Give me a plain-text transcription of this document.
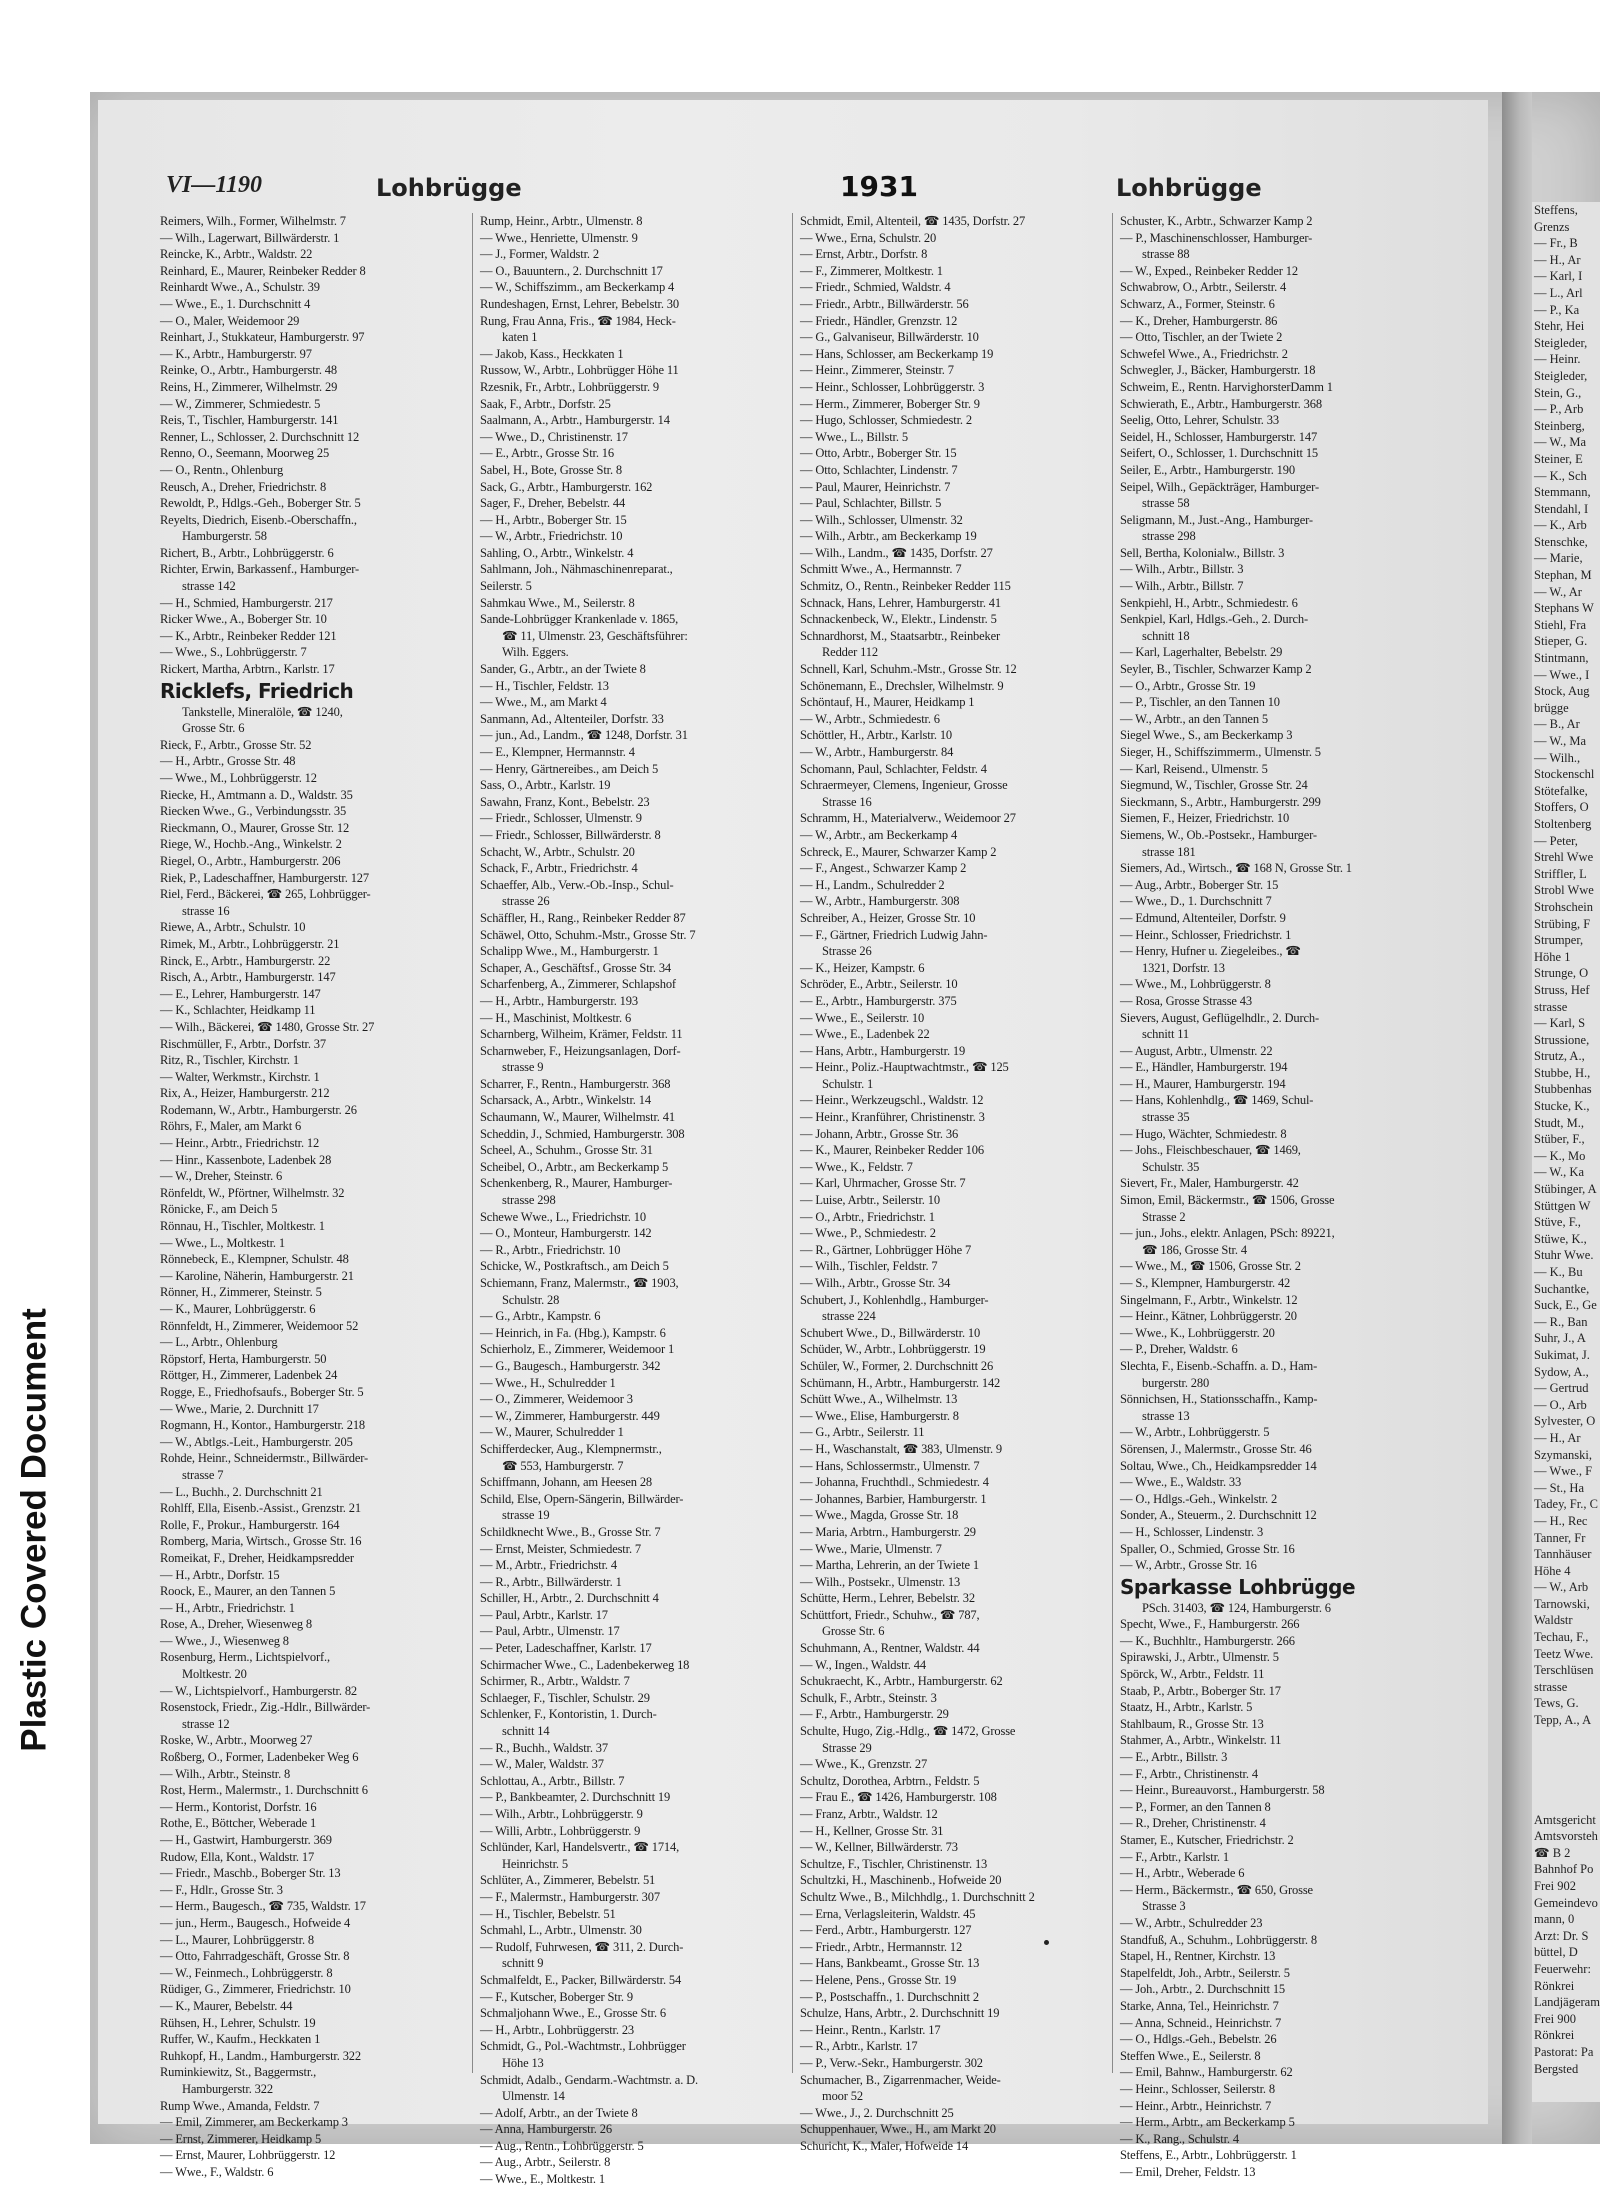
Plastic Covered Document
VI—1190	Lohbrügge	1931	Lohbrügge
Reimers, Wilh., Former, Wilhelmstr. 7
— Wilh., Lagerwart, Billwärderstr. 1
Reincke, K., Arbtr., Waldstr. 22
Reinhard, E., Maurer, Reinbeker Redder 8
Reinhardt Wwe., A., Schulstr. 39
— Wwe., E., 1. Durchschnitt 4
— O., Maler, Weidemoor 29
Reinhart, J., Stukkateur, Hamburgerstr. 97
— K., Arbtr., Hamburgerstr. 97
Reinke, O., Arbtr., Hamburgerstr. 48
Reins, H., Zimmerer, Wilhelmstr. 29
— W., Zimmerer, Schmiedestr. 5
Reis, T., Tischler, Hamburgerstr. 141
Renner, L., Schlosser, 2. Durchschnitt 12
Renno, O., Seemann, Moorweg 25
— O., Rentn., Ohlenburg
Reusch, A., Dreher, Friedrichstr. 8
Rewoldt, P., Hdlgs.-Geh., Boberger Str. 5
Reyelts, Diedrich, Eisenb.-Oberschaffn.,
Hamburgerstr. 58
Richert, B., Arbtr., Lohbrüggerstr. 6
Richter, Erwin, Barkassenf., Hamburger-
strasse 142
— H., Schmied, Hamburgerstr. 217
Ricker Wwe., A., Boberger Str. 10
— K., Arbtr., Reinbeker Redder 121
— Wwe., S., Lohbrüggerstr. 7
Rickert, Martha, Arbtrn., Karlstr. 17
Ricklefs, Friedrich
Tankstelle, Mineralöle, ☎ 1240,
Grosse Str. 6
Rieck, F., Arbtr., Grosse Str. 52
— H., Arbtr., Grosse Str. 48
— Wwe., M., Lohbrüggerstr. 12
Riecke, H., Amtmann a. D., Waldstr. 35
Riecken Wwe., G., Verbindungsstr. 35
Rieckmann, O., Maurer, Grosse Str. 12
Riege, W., Hochb.-Ang., Winkelstr. 2
Riegel, O., Arbtr., Hamburgerstr. 206
Riek, P., Ladeschaffner, Hamburgerstr. 127
Riel, Ferd., Bäckerei, ☎ 265, Lohbrügger-
strasse 16
Riewe, A., Arbtr., Schulstr. 10
Rimek, M., Arbtr., Lohbrüggerstr. 21
Rinck, E., Arbtr., Hamburgerstr. 22
Risch, A., Arbtr., Hamburgerstr. 147
— E., Lehrer, Hamburgerstr. 147
— K., Schlachter, Heidkamp 11
— Wilh., Bäckerei, ☎ 1480, Grosse Str. 27
Rischmüller, F., Arbtr., Dorfstr. 37
Ritz, R., Tischler, Kirchstr. 1
— Walter, Werkmstr., Kirchstr. 1
Rix, A., Heizer, Hamburgerstr. 212
Rodemann, W., Arbtr., Hamburgerstr. 26
Röhrs, F., Maler, am Markt 6
— Heinr., Arbtr., Friedrichstr. 12
— Hinr., Kassenbote, Ladenbek 28
— W., Dreher, Steinstr. 6
Rönfeldt, W., Pförtner, Wilhelmstr. 32
Rönicke, F., am Deich 5
Rönnau, H., Tischler, Moltkestr. 1
— Wwe., L., Moltkestr. 1
Rönnebeck, E., Klempner, Schulstr. 48
— Karoline, Näherin, Hamburgerstr. 21
Rönner, H., Zimmerer, Steinstr. 5
— K., Maurer, Lohbrüggerstr. 6
Rönnfeldt, H., Zimmerer, Weidemoor 52
— L., Arbtr., Ohlenburg
Röpstorf, Herta, Hamburgerstr. 50
Röttger, H., Zimmerer, Ladenbek 24
Rogge, E., Friedhofsaufs., Boberger Str. 5
— Wwe., Marie, 2. Durchnitt 17
Rogmann, H., Kontor., Hamburgerstr. 218
— W., Abtlgs.-Leit., Hamburgerstr. 205
Rohde, Heinr., Schneidermstr., Billwärder-
strasse 7
— L., Buchh., 2. Durchschnitt 21
Rohlff, Ella, Eisenb.-Assist., Grenzstr. 21
Rolle, F., Prokur., Hamburgerstr. 164
Romberg, Maria, Wirtsch., Grosse Str. 16
Romeikat, F., Dreher, Heidkampsredder
— H., Arbtr., Dorfstr. 15
Roock, E., Maurer, an den Tannen 5
— H., Arbtr., Friedrichstr. 1
Rose, A., Dreher, Wiesenweg 8
— Wwe., J., Wiesenweg 8
Rosenburg, Herm., Lichtspielvorf.,
Moltkestr. 20
— W., Lichtspielvorf., Hamburgerstr. 82
Rosenstock, Friedr., Zig.-Hdlr., Billwärder-
strasse 12
Roske, W., Arbtr., Moorweg 27
Roßberg, O., Former, Ladenbeker Weg 6
— Wilh., Arbtr., Steinstr. 8
Rost, Herm., Malermstr., 1. Durchschnitt 6
— Herm., Kontorist, Dorfstr. 16
Rothe, E., Böttcher, Weberade 1
— H., Gastwirt, Hamburgerstr. 369
Rudow, Ella, Kont., Waldstr. 17
— Friedr., Maschb., Boberger Str. 13
— F., Hdlr., Grosse Str. 3
— Herm., Baugesch., ☎ 735, Waldstr. 17
— jun., Herm., Baugesch., Hofweide 4
— L., Maurer, Lohbrüggerstr. 8
— Otto, Fahrradgeschäft, Grosse Str. 8
— W., Feinmech., Lohbrüggerstr. 8
Rüdiger, G., Zimmerer, Friedrichstr. 10
— K., Maurer, Bebelstr. 44
Rühsen, H., Lehrer, Schulstr. 19
Ruffer, W., Kaufm., Heckkaten 1
Ruhkopf, H., Landm., Hamburgerstr. 322
Ruminkiewitz, St., Baggermstr.,
Hamburgerstr. 322
Rump Wwe., Amanda, Feldstr. 7
— Emil, Zimmerer, am Beckerkamp 3
— Ernst, Zimmerer, Heidkamp 5
— Ernst, Maurer, Lohbrüggerstr. 12
— Wwe., F., Waldstr. 6
Rump, Heinr., Arbtr., Ulmenstr. 8
— Wwe., Henriette, Ulmenstr. 9
— J., Former, Waldstr. 2
— O., Bauuntern., 2. Durchschnitt 17
— W., Schiffszimm., am Beckerkamp 4
Rundeshagen, Ernst, Lehrer, Bebelstr. 30
Rung, Frau Anna, Fris., ☎ 1984, Heck-
katen 1
— Jakob, Kass., Heckkaten 1
Russow, W., Arbtr., Lohbrügger Höhe 11
Rzesnik, Fr., Arbtr., Lohbrüggerstr. 9
Saak, F., Arbtr., Dorfstr. 25
Saalmann, A., Arbtr., Hamburgerstr. 14
— Wwe., D., Christinenstr. 17
— E., Arbtr., Grosse Str. 16
Sabel, H., Bote, Grosse Str. 8
Sack, G., Arbtr., Hamburgerstr. 162
Sager, F., Dreher, Bebelstr. 44
— H., Arbtr., Boberger Str. 15
— W., Arbtr., Friedrichstr. 10
Sahling, O., Arbtr., Winkelstr. 4
Sahlmann, Joh., Nähmaschinenreparat.,
Seilerstr. 5
Sahmkau Wwe., M., Seilerstr. 8
Sande-Lohbrügger Krankenlade v. 1865,
☎ 11, Ulmenstr. 23, Geschäftsführer:
Wilh. Eggers.
Sander, G., Arbtr., an der Twiete 8
— H., Tischler, Feldstr. 13
— Wwe., M., am Markt 4
Sanmann, Ad., Altenteiler, Dorfstr. 33
— jun., Ad., Landm., ☎ 1248, Dorfstr. 31
— E., Klempner, Hermannstr. 4
— Henry, Gärtnereibes., am Deich 5
Sass, O., Arbtr., Karlstr. 19
Sawahn, Franz, Kont., Bebelstr. 23
— Friedr., Schlosser, Ulmenstr. 9
— Friedr., Schlosser, Billwärderstr. 8
Schacht, W., Arbtr., Schulstr. 20
Schack, F., Arbtr., Friedrichstr. 4
Schaeffer, Alb., Verw.-Ob.-Insp., Schul-
strasse 26
Schäffler, H., Rang., Reinbeker Redder 87
Schäwel, Otto, Schuhm.-Mstr., Grosse Str. 7
Schalipp Wwe., M., Hamburgerstr. 1
Schaper, A., Geschäftsf., Grosse Str. 34
Scharfenberg, A., Zimmerer, Schlapshof
— H., Arbtr., Hamburgerstr. 193
— H., Maschinist, Moltkestr. 6
Scharnberg, Wilheim, Krämer, Feldstr. 11
Scharnweber, F., Heizungsanlagen, Dorf-
strasse 9
Scharrer, F., Rentn., Hamburgerstr. 368
Scharsack, A., Arbtr., Winkelstr. 14
Schaumann, W., Maurer, Wilhelmstr. 41
Scheddin, J., Schmied, Hamburgerstr. 308
Scheel, A., Schuhm., Grosse Str. 31
Scheibel, O., Arbtr., am Beckerkamp 5
Schenkenberg, R., Maurer, Hamburger-
strasse 298
Schewe Wwe., L., Friedrichstr. 10
— O., Monteur, Hamburgerstr. 142
— R., Arbtr., Friedrichstr. 10
Schicke, W., Postkraftsch., am Deich 5
Schiemann, Franz, Malermstr., ☎ 1903,
Schulstr. 28
— G., Arbtr., Kampstr. 6
— Heinrich, in Fa. (Hbg.), Kampstr. 6
Schierholz, E., Zimmerer, Weidemoor 1
— G., Baugesch., Hamburgerstr. 342
— Wwe., H., Schulredder 1
— O., Zimmerer, Weidemoor 3
— W., Zimmerer, Hamburgerstr. 449
— W., Maurer, Schulredder 1
Schifferdecker, Aug., Klempnermstr.,
☎ 553, Hamburgerstr. 7
Schiffmann, Johann, am Heesen 28
Schild, Else, Opern-Sängerin, Billwärder-
strasse 19
Schildknecht Wwe., B., Grosse Str. 7
— Ernst, Meister, Schmiedestr. 7
— M., Arbtr., Friedrichstr. 4
— R., Arbtr., Billwärderstr. 1
Schiller, H., Arbtr., 2. Durchschnitt 4
— Paul, Arbtr., Karlstr. 17
— Paul, Arbtr., Ulmenstr. 17
— Peter, Ladeschaffner, Karlstr. 17
Schirmacher Wwe., C., Ladenbekerweg 18
Schirmer, R., Arbtr., Waldstr. 7
Schlaeger, F., Tischler, Schulstr. 29
Schlenker, F., Kontoristin, 1. Durch-
schnitt 14
— R., Buchh., Waldstr. 37
— W., Maler, Waldstr. 37
Schlottau, A., Arbtr., Billstr. 7
— P., Bankbeamter, 2. Durchschnitt 19
— Wilh., Arbtr., Lohbrüggerstr. 9
— Willi, Arbtr., Lohbrüggerstr. 9
Schlünder, Karl, Handelsvertr., ☎ 1714,
Heinrichstr. 5
Schlüter, A., Zimmerer, Bebelstr. 51
— F., Malermstr., Hamburgerstr. 307
— H., Tischler, Bebelstr. 51
Schmahl, L., Arbtr., Ulmenstr. 30
— Rudolf, Fuhrwesen, ☎ 311, 2. Durch-
schnitt 9
Schmalfeldt, E., Packer, Billwärderstr. 54
— F., Kutscher, Boberger Str. 9
Schmaljohann Wwe., E., Grosse Str. 6
— H., Arbtr., Lohbrüggerstr. 23
Schmidt, G., Pol.-Wachtmstr., Lohbrügger
Höhe 13
Schmidt, Adalb., Gendarm.-Wachtmstr. a. D.
Ulmenstr. 14
— Adolf, Arbtr., an der Twiete 8
— Anna, Hamburgerstr. 26
— Aug., Rentn., Lohbrüggerstr. 5
— Aug., Arbtr., Seilerstr. 8
— Wwe., E., Moltkestr. 1
Schmidt, Emil, Altenteil, ☎ 1435, Dorfstr. 27
— Wwe., Erna, Schulstr. 20
— Ernst, Arbtr., Dorfstr. 8
— F., Zimmerer, Moltkestr. 1
— Friedr., Schmied, Waldstr. 4
— Friedr., Arbtr., Billwärderstr. 56
— Friedr., Händler, Grenzstr. 12
— G., Galvaniseur, Billwärderstr. 10
— Hans, Schlosser, am Beckerkamp 19
— Heinr., Zimmerer, Steinstr. 7
— Heinr., Schlosser, Lohbrüggerstr. 3
— Herm., Zimmerer, Boberger Str. 9
— Hugo, Schlosser, Schmiedestr. 2
— Wwe., L., Billstr. 5
— Otto, Arbtr., Boberger Str. 15
— Otto, Schlachter, Lindenstr. 7
— Paul, Maurer, Heinrichstr. 7
— Paul, Schlachter, Billstr. 5
— Wilh., Schlosser, Ulmenstr. 32
— Wilh., Arbtr., am Beckerkamp 19
— Wilh., Landm., ☎ 1435, Dorfstr. 27
Schmitt Wwe., A., Hermannstr. 7
Schmitz, O., Rentn., Reinbeker Redder 115
Schnack, Hans, Lehrer, Hamburgerstr. 41
Schnackenbeck, W., Elektr., Lindenstr. 5
Schnardhorst, M., Staatsarbtr., Reinbeker
Redder 112
Schnell, Karl, Schuhm.-Mstr., Grosse Str. 12
Schönemann, E., Drechsler, Wilhelmstr. 9
Schöntauf, H., Maurer, Heidkamp 1
— W., Arbtr., Schmiedestr. 6
Schöttler, H., Arbtr., Karlstr. 10
— W., Arbtr., Hamburgerstr. 84
Schomann, Paul, Schlachter, Feldstr. 4
Schraermeyer, Clemens, Ingenieur, Grosse
Strasse 16
Schramm, H., Materialverw., Weidemoor 27
— W., Arbtr., am Beckerkamp 4
Schreck, E., Maurer, Schwarzer Kamp 2
— F., Angest., Schwarzer Kamp 2
— H., Landm., Schulredder 2
— W., Arbtr., Hamburgerstr. 308
Schreiber, A., Heizer, Grosse Str. 10
— F., Gärtner, Friedrich Ludwig Jahn-
Strasse 26
— K., Heizer, Kampstr. 6
Schröder, E., Arbtr., Seilerstr. 10
— E., Arbtr., Hamburgerstr. 375
— Wwe., E., Seilerstr. 10
— Wwe., E., Ladenbek 22
— Hans, Arbtr., Hamburgerstr. 19
— Heinr., Poliz.-Hauptwachtmstr., ☎ 125
Schulstr. 1
— Heinr., Werkzeugschl., Waldstr. 12
— Heinr., Kranführer, Christinenstr. 3
— Johann, Arbtr., Grosse Str. 36
— K., Maurer, Reinbeker Redder 106
— Wwe., K., Feldstr. 7
— Karl, Uhrmacher, Grosse Str. 7
— Luise, Arbtr., Seilerstr. 10
— O., Arbtr., Friedrichstr. 1
— Wwe., P., Schmiedestr. 2
— R., Gärtner, Lohbrügger Höhe 7
— Wilh., Tischler, Feldstr. 7
— Wilh., Arbtr., Grosse Str. 34
Schubert, J., Kohlenhdlg., Hamburger-
strasse 224
Schubert Wwe., D., Billwärderstr. 10
Schüder, W., Arbtr., Lohbrüggerstr. 19
Schüler, W., Former, 2. Durchschnitt 26
Schümann, H., Arbtr., Hamburgerstr. 142
Schütt Wwe., A., Wilhelmstr. 13
— Wwe., Elise, Hamburgerstr. 8
— G., Arbtr., Seilerstr. 11
— H., Waschanstalt, ☎ 383, Ulmenstr. 9
— Hans, Schlossermstr., Ulmenstr. 7
— Johanna, Fruchthdl., Schmiedestr. 4
— Johannes, Barbier, Hamburgerstr. 1
— Wwe., Magda, Grosse Str. 18
— Maria, Arbtrn., Hamburgerstr. 29
— Wwe., Marie, Ulmenstr. 7
— Martha, Lehrerin, an der Twiete 1
— Wilh., Postsekr., Ulmenstr. 13
Schütte, Herm., Lehrer, Bebelstr. 32
Schüttfort, Friedr., Schuhw., ☎ 787,
Grosse Str. 6
Schuhmann, A., Rentner, Waldstr. 44
— W., Ingen., Waldstr. 44
Schukraecht, K., Arbtr., Hamburgerstr. 62
Schulk, F., Arbtr., Steinstr. 3
— F., Arbtr., Hamburgerstr. 29
Schulte, Hugo, Zig.-Hdlg., ☎ 1472, Grosse
Strasse 29
— Wwe., K., Grenzstr. 27
Schultz, Dorothea, Arbtrn., Feldstr. 5
— Frau E., ☎ 1426, Hamburgerstr. 108
— Franz, Arbtr., Waldstr. 12
— H., Kellner, Grosse Str. 31
— W., Kellner, Billwärderstr. 73
Schultze, F., Tischler, Christinenstr. 13
Schultzki, H., Maschinenb., Hofweide 20
Schultz Wwe., B., Milchhdlg., 1. Durchschnitt 2
— Erna, Verlagsleiterin, Waldstr. 45
— Ferd., Arbtr., Hamburgerstr. 127
— Friedr., Arbtr., Hermannstr. 12
— Hans, Bankbeamt., Grosse Str. 13
— Helene, Pens., Grosse Str. 19
— P., Postschaffn., 1. Durchschnitt 2
Schulze, Hans, Arbtr., 2. Durchschnitt 19
— Heinr., Rentn., Karlstr. 17
— R., Arbtr., Karlstr. 17
— P., Verw.-Sekr., Hamburgerstr. 302
Schumacher, B., Zigarrenmacher, Weide-
moor 52
— Wwe., J., 2. Durchschnitt 25
Schuppenhauer, Wwe., H., am Markt 20
Schuricht, K., Maler, Hofweide 14
Schuster, K., Arbtr., Schwarzer Kamp 2
— P., Maschinenschlosser, Hamburger-
strasse 88
— W., Exped., Reinbeker Redder 12
Schwabrow, O., Arbtr., Seilerstr. 4
Schwarz, A., Former, Steinstr. 6
— K., Dreher, Hamburgerstr. 86
— Otto, Tischler, an der Twiete 2
Schwefel Wwe., A., Friedrichstr. 2
Schwegler, J., Bäcker, Hamburgerstr. 18
Schweim, E., Rentn. HarvighorsterDamm 1
Schwierath, E., Arbtr., Hamburgerstr. 368
Seelig, Otto, Lehrer, Schulstr. 33
Seidel, H., Schlosser, Hamburgerstr. 147
Seifert, O., Schlosser, 1. Durchschnitt 15
Seiler, E., Arbtr., Hamburgerstr. 190
Seipel, Wilh., Gepäckträger, Hamburger-
strasse 58
Seligmann, M., Just.-Ang., Hamburger-
strasse 298
Sell, Bertha, Kolonialw., Billstr. 3
— Wilh., Arbtr., Billstr. 3
— Wilh., Arbtr., Billstr. 7
Senkpiehl, H., Arbtr., Schmiedestr. 6
Senkpiel, Karl, Hdlgs.-Geh., 2. Durch-
schnitt 18
— Karl, Lagerhalter, Bebelstr. 29
Seyler, B., Tischler, Schwarzer Kamp 2
— O., Arbtr., Grosse Str. 19
— P., Tischler, an den Tannen 10
— W., Arbtr., an den Tannen 5
Siegel Wwe., S., am Beckerkamp 3
Sieger, H., Schiffszimmerm., Ulmenstr. 5
— Karl, Reisend., Ulmenstr. 5
Siegmund, W., Tischler, Grosse Str. 24
Sieckmann, S., Arbtr., Hamburgerstr. 299
Siemen, F., Heizer, Friedrichstr. 10
Siemens, W., Ob.-Postsekr., Hamburger-
strasse 181
Siemers, Ad., Wirtsch., ☎ 168 N, Grosse Str. 1
— Aug., Arbtr., Boberger Str. 15
— Wwe., D., 1. Durchschnitt 7
— Edmund, Altenteiler, Dorfstr. 9
— Heinr., Schlosser, Friedrichstr. 1
— Henry, Hufner u. Ziegeleibes., ☎
1321, Dorfstr. 13
— Wwe., M., Lohbrüggerstr. 8
— Rosa, Grosse Strasse 43
Sievers, August, Geflügelhdlr., 2. Durch-
schnitt 11
— August, Arbtr., Ulmenstr. 22
— E., Händler, Hamburgerstr. 194
— H., Maurer, Hamburgerstr. 194
— Hans, Kohlenhdlg., ☎ 1469, Schul-
strasse 35
— Hugo, Wächter, Schmiedestr. 8
— Johs., Fleischbeschauer, ☎ 1469,
Schulstr. 35
Sievert, Fr., Maler, Hamburgerstr. 42
Simon, Emil, Bäckermstr., ☎ 1506, Grosse
Strasse 2
— jun., Johs., elektr. Anlagen, PSch: 89221,
☎ 186, Grosse Str. 4
— Wwe., M., ☎ 1506, Grosse Str. 2
— S., Klempner, Hamburgerstr. 42
Singelmann, F., Arbtr., Winkelstr. 12
— Heinr., Kätner, Lohbrüggerstr. 20
— Wwe., K., Lohbrüggerstr. 20
— P., Dreher, Waldstr. 6
Slechta, F., Eisenb.-Schaffn. a. D., Ham-
burgerstr. 280
Sönnichsen, H., Stationsschaffn., Kamp-
strasse 13
— W., Arbtr., Lohbrüggerstr. 5
Sörensen, J., Malermstr., Grosse Str. 46
Soltau, Wwe., Ch., Heidkampsredder 14
— Wwe., E., Waldstr. 33
— O., Hdlgs.-Geh., Winkelstr. 2
Sonder, A., Steuerm., 2. Durchschnitt 12
— H., Schlosser, Lindenstr. 3
Spaller, O., Schmied, Grosse Str. 16
— W., Arbtr., Grosse Str. 16
Sparkasse Lohbrügge
PSch. 31403, ☎ 124, Hamburgerstr. 6
Specht, Wwe., F., Hamburgerstr. 266
— K., Buchhltr., Hamburgerstr. 266
Spirawski, J., Arbtr., Ulmenstr. 5
Spörck, W., Arbtr., Feldstr. 11
Staab, P., Arbtr., Boberger Str. 17
Staatz, H., Arbtr., Karlstr. 5
Stahlbaum, R., Grosse Str. 13
Stahmer, A., Arbtr., Winkelstr. 11
— E., Arbtr., Billstr. 3
— F., Arbtr., Christinenstr. 4
— Heinr., Bureauvorst., Hamburgerstr. 58
— P., Former, an den Tannen 8
— R., Dreher, Christinenstr. 4
Stamer, E., Kutscher, Friedrichstr. 2
— F., Arbtr., Karlstr. 1
— H., Arbtr., Weberade 6
— Herm., Bäckermstr., ☎ 650, Grosse
Strasse 3
— W., Arbtr., Schulredder 23
Standfuß, A., Schuhm., Lohbrüggerstr. 8
Stapel, H., Rentner, Kirchstr. 13
Stapelfeldt, Joh., Arbtr., Seilerstr. 5
— Joh., Arbtr., 2. Durchschnitt 15
Starke, Anna, Tel., Heinrichstr. 7
— Anna, Schneid., Heinrichstr. 7
— O., Hdlgs.-Geh., Bebelstr. 26
Steffen Wwe., E., Seilerstr. 8
— Emil, Bahnw., Hamburgerstr. 62
— Heinr., Schlosser, Seilerstr. 8
— Heinr., Arbtr., Heinrichstr. 7
— Herm., Arbtr., am Beckerkamp 5
— K., Rang., Schulstr. 4
Steffens, E., Arbtr., Lohbrüggerstr. 1
— Emil, Dreher, Feldstr. 13
Steffens,
Grenzs
— Fr., B
— H., Ar
— Karl, I
— L., Arl
— P., Ka
Stehr, Hei
Steigleder,
— Heinr.
Steigleder,
Stein, G.,
— P., Arb
Steinberg,
— W., Ma
Steiner, E
— K., Sch
Stemmann,
Stendahl, I
— K., Arb
Stenschke,
— Marie,
Stephan, M
— W., Ar
Stephans W
Stiehl, Fra
Stieper, G.
Stintmann,
— Wwe., I
Stock, Aug
brügge
— B., Ar
— W., Ma
— Wilh.,
Stockenschl
Stötefalke,
Stoffers, O
Stoltenberg
— Peter,
Strehl Wwe
Striffler, L
Strobl Wwe
Strohschein
Strübing, F
Strumper,
Höhe 1
Strunge, O
Struss, Hef
strasse
— Karl, S
Strussione,
Strutz, A.,
Stubbe, H.,
Stubbenhas
Stucke, K.,
Studt, M.,
Stüber, F.,
— K., Mo
— W., Ka
Stübinger, A
Stüttgen W
Stüve, F.,
Stüwe, K.,
Stuhr Wwe.
— K., Bu
Suchantke,
Suck, E., Ge
— R., Ban
Suhr, J., A
Sukimat, J.
Sydow, A.,
— Gertrud
— O., Arb
Sylvester, O
— H., Ar
Szymanski,
— Wwe., F
— St., Ha
Tadey, Fr., C
— H., Rec
Tanner, Fr
Tannhäuser
Höhe 4
— W., Arb
Tarnowski,
Waldstr
Techau, F.,
Teetz Wwe.
Terschlüsen
strasse
Tews, G.
Tepp, A., A

Amtsgericht
Amtsvorsteh
☎ B 2
Bahnhof Po
Frei 902
Gemeindevo
mann, 0
Arzt: Dr. S
büttel, D
Feuerwehr:
Rönkrei
Landjägeram
Frei 900
Rönkrei
Pastorat: Pa
Bergsted
